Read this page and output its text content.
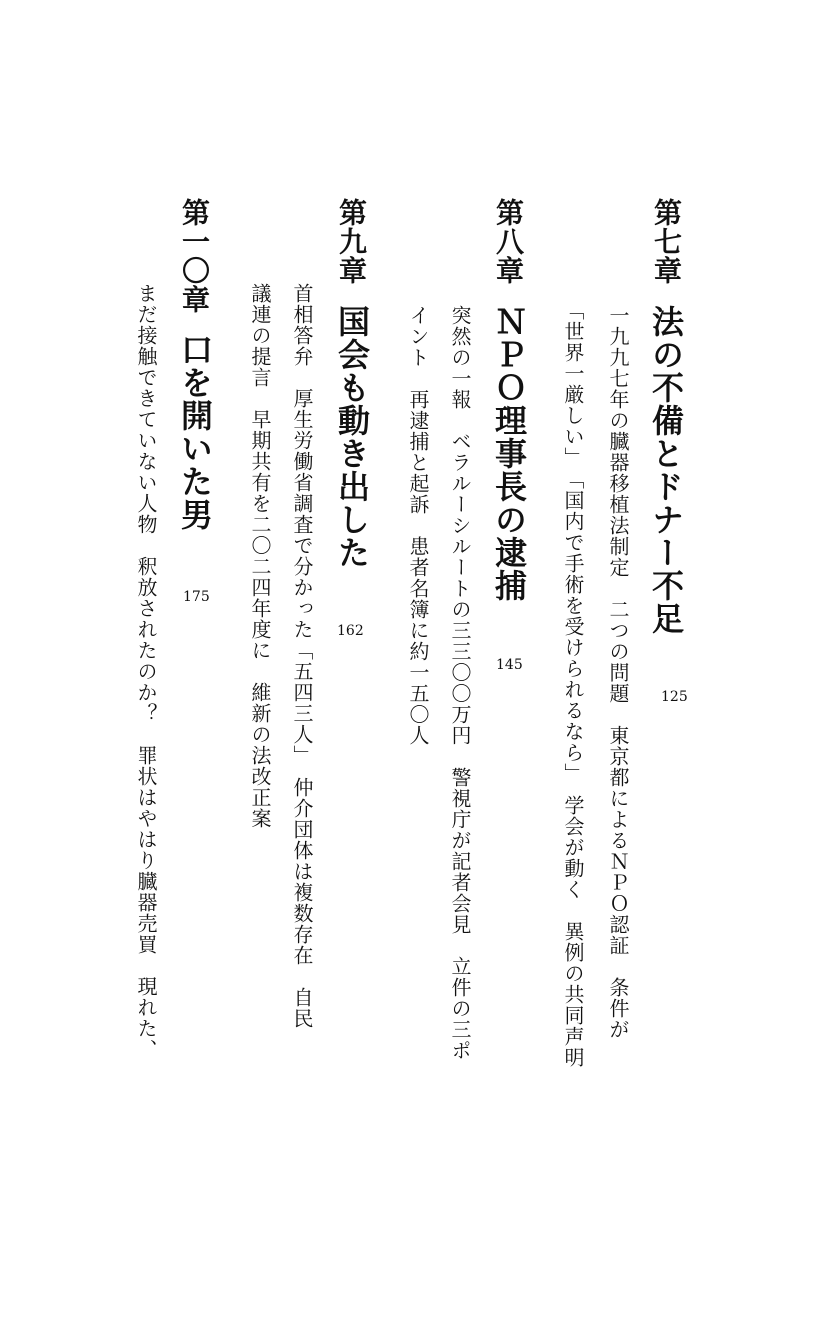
第七章
法の不備とドナー不足
125
一九九七年の臓器移植法制定　二つの問題　東京都によるＮＰＯ認証　条件が
「世界一厳しい」　「国内で手術を受けられるなら」　学会が動く　異例の共同声明
第八章
ＮＰＯ理事長の逮捕
145
突然の一報　ベラルーシルートの三三〇〇万円　警視庁が記者会見　立件の三ポ
イント　再逮捕と起訴　患者名簿に約一五〇人
第九章
国会も動き出した
162
首相答弁　厚生労働省調査で分かった「五四三人」　仲介団体は複数存在　自民
議連の提言　早期共有を二〇二四年度に　維新の法改正案
第一〇章
口を開いた男
175
まだ接触できていない人物　釈放されたのか？　罪状はやはり臓器売買　現れた、
